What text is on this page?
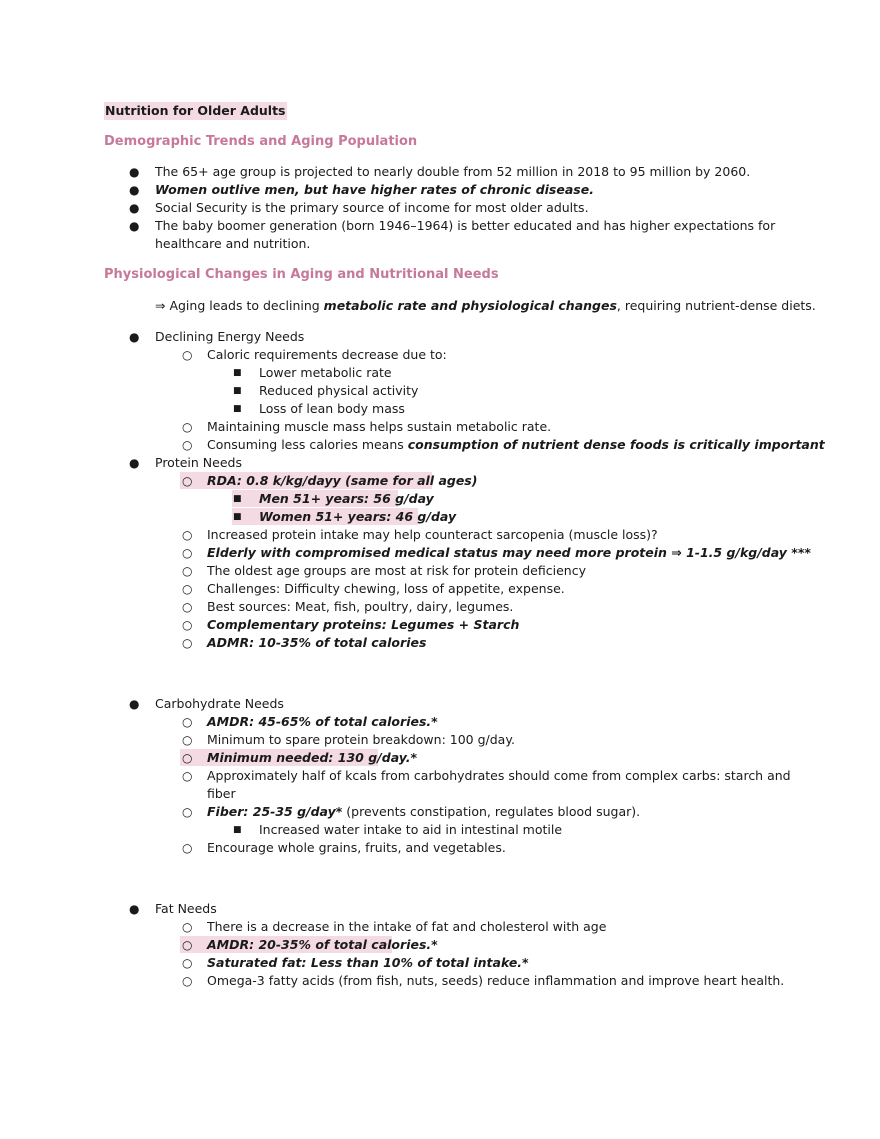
Nutrition for Older Adults
Demographic Trends and Aging Population
● The 65+ age group is projected to nearly double from 52 million in 2018 to 95 million by 2060.
● Women outlive men, but have higher rates of chronic disease.
● Social Security is the primary source of income for most older adults.
● The baby boomer generation (born 1946–1964) is better educated and has higher expectations for
healthcare and nutrition.
Physiological Changes in Aging and Nutritional Needs
⇒ Aging leads to declining metabolic rate and physiological changes, requiring nutrient-dense diets.
● Declining Energy Needs
○ Caloric requirements decrease due to:
■ Lower metabolic rate
■ Reduced physical activity
■ Loss of lean body mass
○ Maintaining muscle mass helps sustain metabolic rate.
○ Consuming less calories means consumption of nutrient dense foods is critically important
● Protein Needs
○ RDA: 0.8 k/kg/dayy (same for all ages)
■ Men 51+ years: 56 g/day
■ Women 51+ years: 46 g/day
○ Increased protein intake may help counteract sarcopenia (muscle loss)?
○ Elderly with compromised medical status may need more protein ⇒ 1-1.5 g/kg/day ***
○ The oldest age groups are most at risk for protein deficiency
○ Challenges: Difficulty chewing, loss of appetite, expense.
○ Best sources: Meat, fish, poultry, dairy, legumes.
○ Complementary proteins: Legumes + Starch
○ ADMR: 10-35% of total calories
● Carbohydrate Needs
○ AMDR: 45-65% of total calories.*
○ Minimum to spare protein breakdown: 100 g/day.
○ Minimum needed: 130 g/day.*
○ Approximately half of kcals from carbohydrates should come from complex carbs: starch and
fiber
○ Fiber: 25-35 g/day* (prevents constipation, regulates blood sugar).
■ Increased water intake to aid in intestinal motile
○ Encourage whole grains, fruits, and vegetables.
● Fat Needs
○ There is a decrease in the intake of fat and cholesterol with age
○ AMDR: 20-35% of total calories.*
○ Saturated fat: Less than 10% of total intake.*
○ Omega-3 fatty acids (from fish, nuts, seeds) reduce inflammation and improve heart health.
